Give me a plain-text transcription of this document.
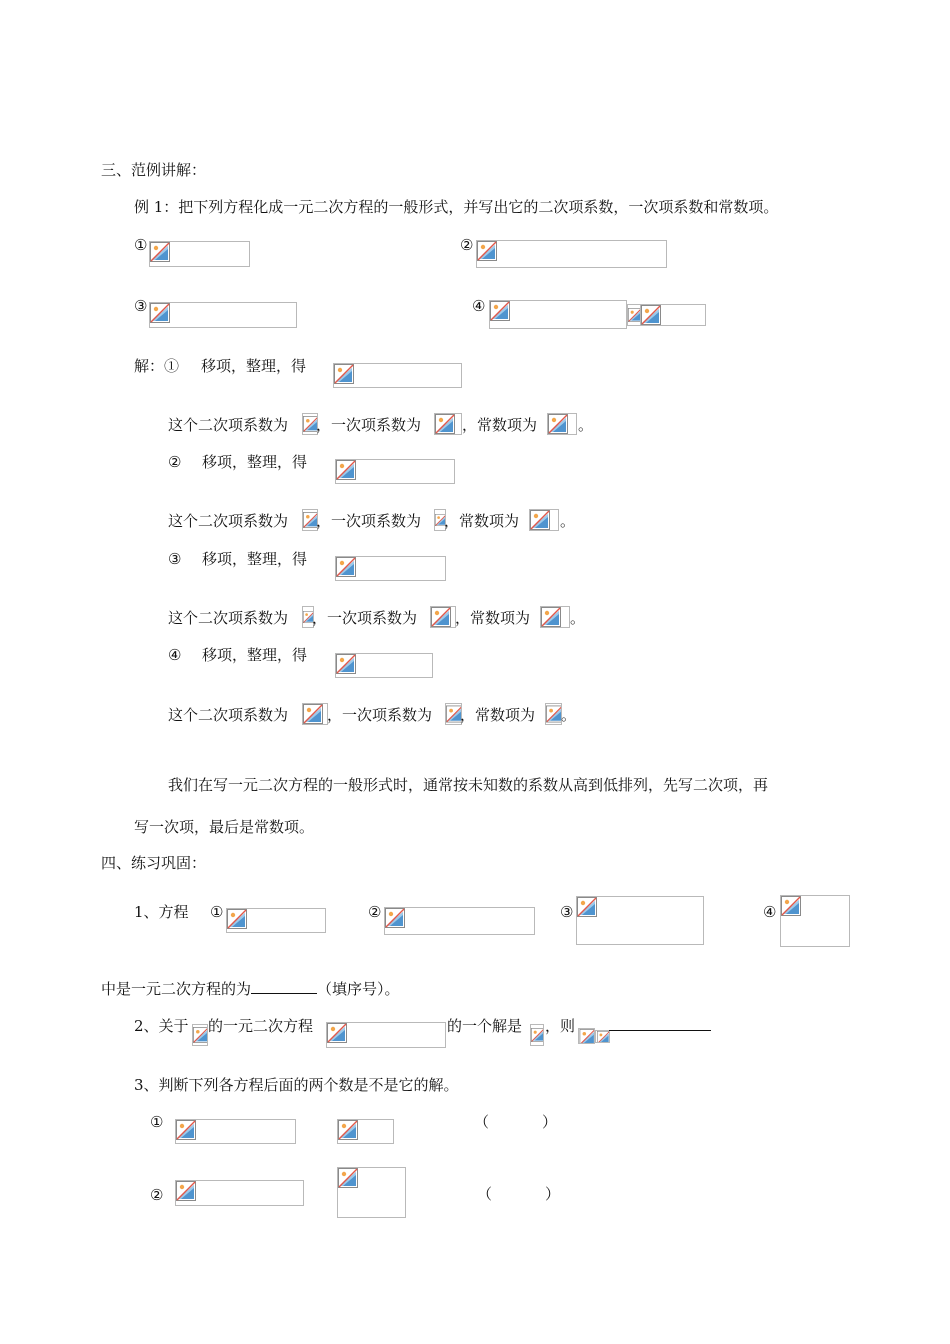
三、范例讲解：
例 1：把下列方程化成一元二次方程的一般形式，并写出它的二次项系数，一次项系数和常数项。
①	②
③	④
解：① 移项，整理，得
这个二次项系数为 ，一次项系数为	，常数项为	。
② 移项，整理，得
这个二次项系数为 ，一次项系数为 ，常数项为	。
③ 移项，整理，得
这个二次项系数为 ，一次项系数为	，常数项为	。
④ 移项，整理，得
这个二次项系数为	，一次项系数为 ，常数项为 。
我们在写一元二次方程的一般形式时，通常按未知数的系数从高到低排列，先写二次项，再
写一次项，最后是常数项。
四、练习巩固：
1、方程 ①	②	③	④
中是一元二次方程的为	（填序号）。
2、关于 的一元二次方程	的一个解是 ，则
3、判断下列各方程后面的两个数是不是它的解。
①	（	）
②	（	）
